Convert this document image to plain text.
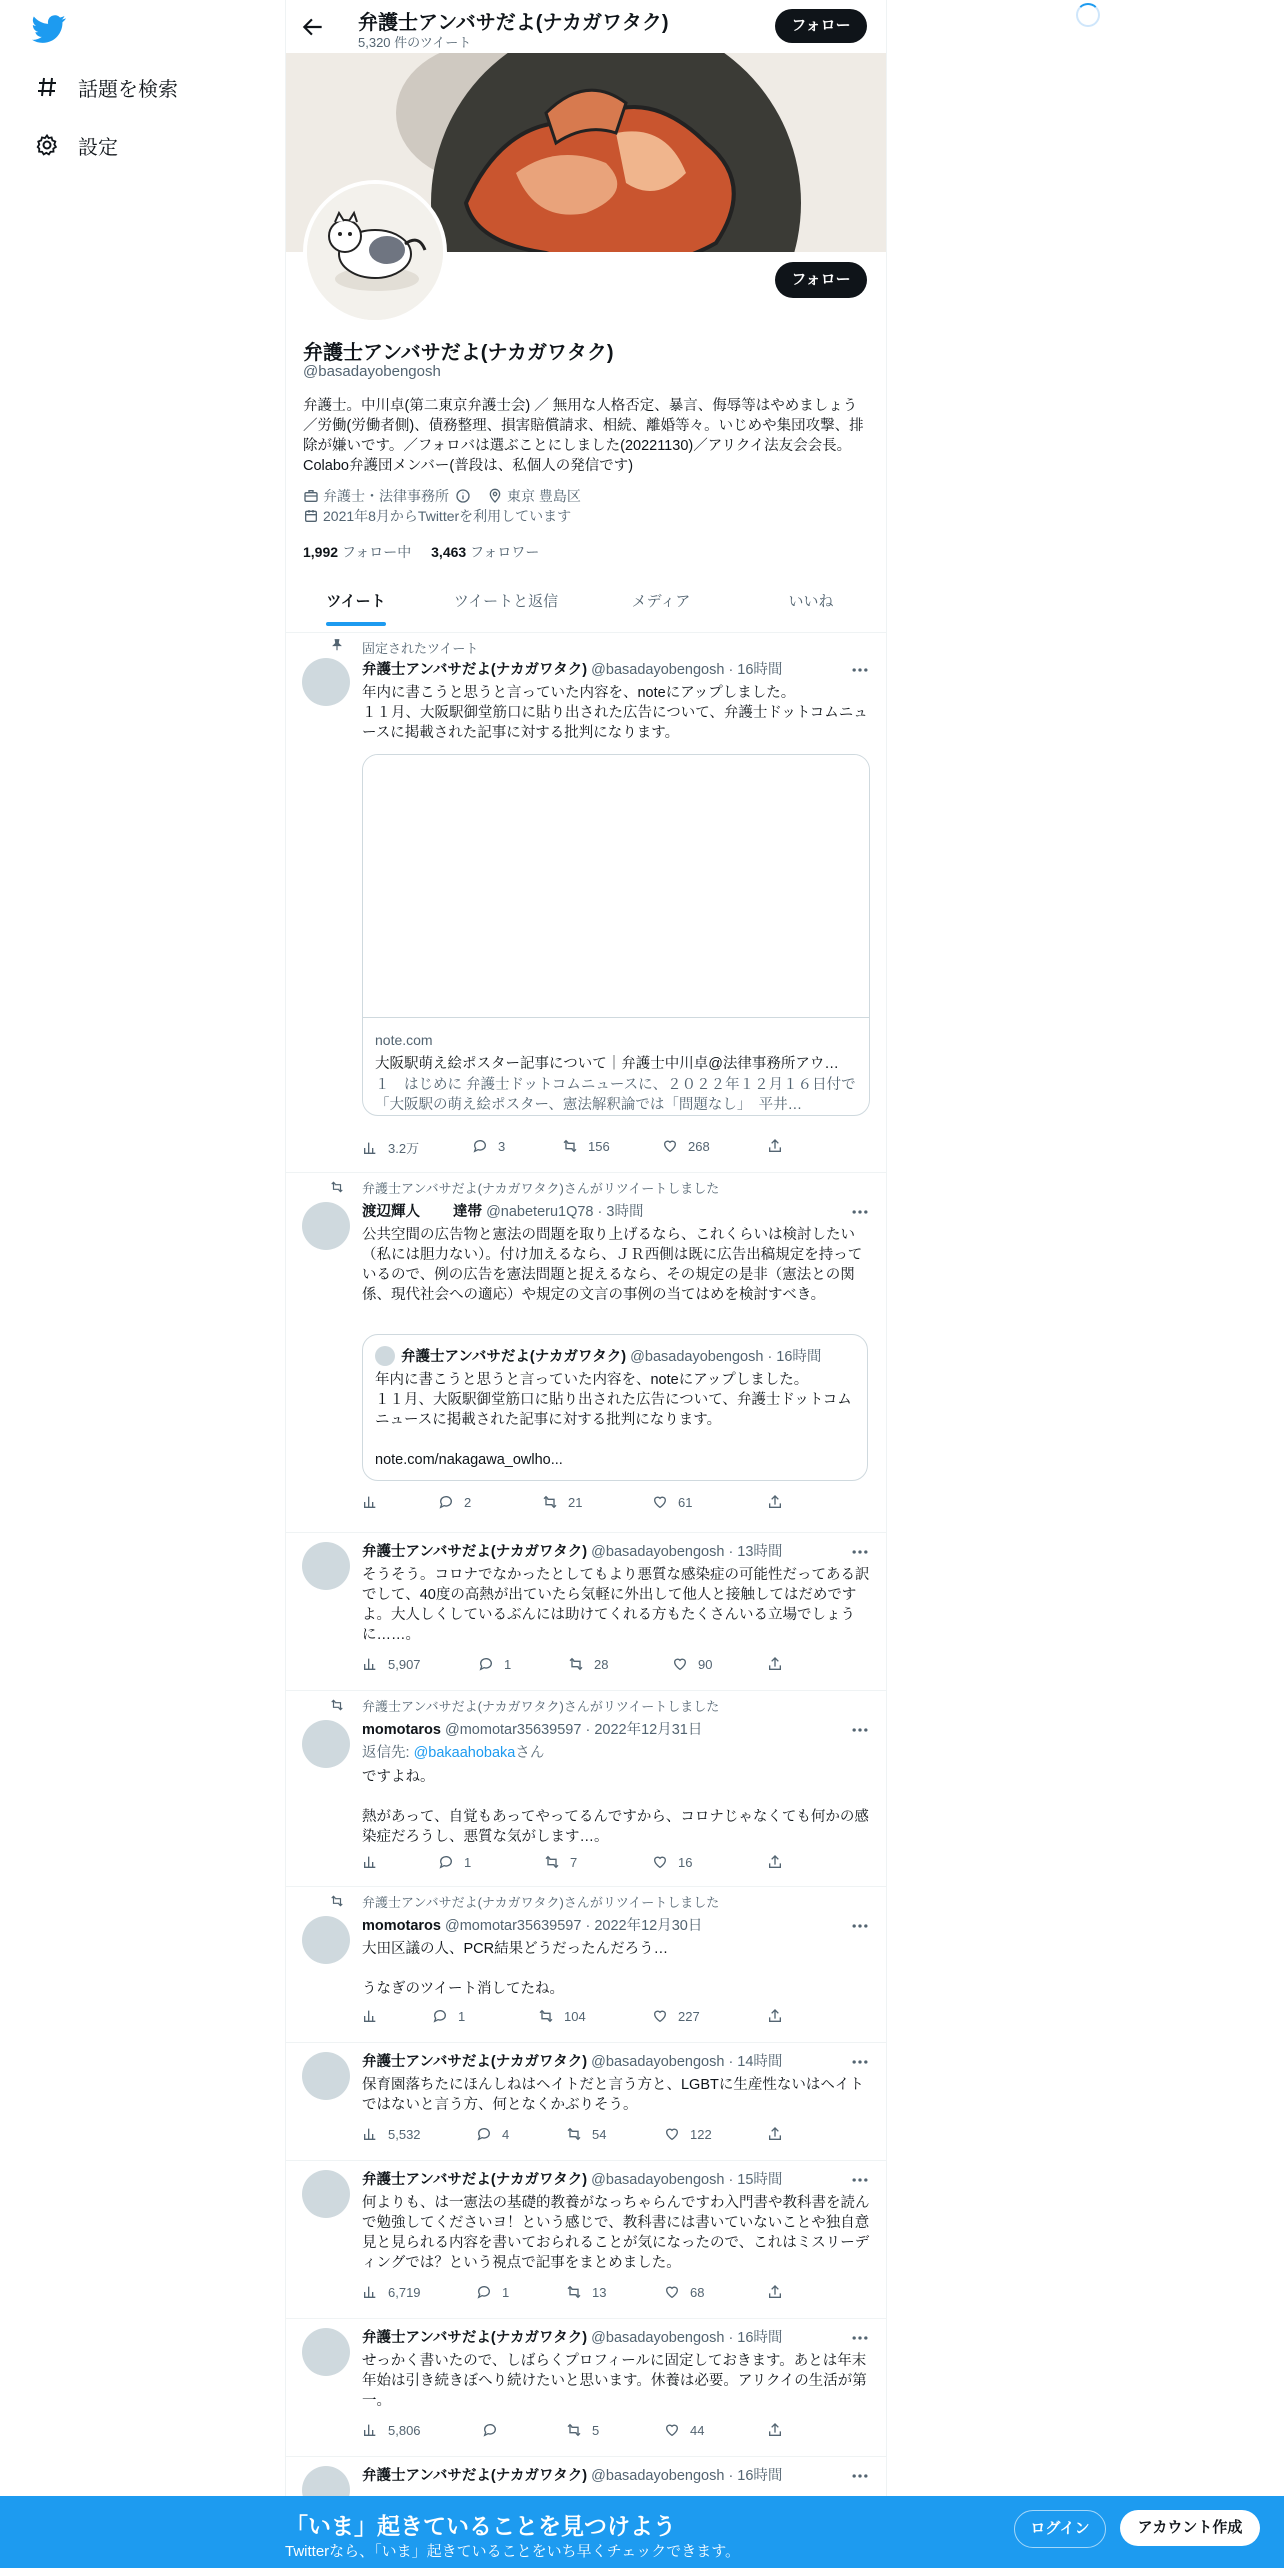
話題を検索
設定
弁護士アンバサだよ(ナカガワタク)
5,320 件のツイート
フォロー
フォロー
弁護士アンバサだよ(ナカガワタク)
@basadayobengosh
弁護士。中川卓(第二東京弁護士会) ／ 無用な人格否定、暴言、侮辱等はやめましょう／労働(労働者側)、債務整理、損害賠償請求、相続、離婚等々。いじめや集団攻撃、排除が嫌いです。／フォロバは選ぶことにしました(20221130)／アリクイ法友会会長。Colabo弁護団メンバー(普段は、私個人の発信です)
弁護士・法律事務所	東京 豊島区
2021年8月からTwitterを利用しています
1,992 フォロー中 3,463 フォロワー
ツイート	ツイートと返信	メディア	いいね
固定されたツイート
弁護士アンバサだよ(ナカガワタク) @basadayobengosh · 16時間
年内に書こうと思うと言っていた内容を、noteにアップしました。
１１月、大阪駅御堂筋口に貼り出された広告について、弁護士ドットコムニュースに掲載された記事に対する批判になります。
note.com
大阪駅萌え絵ポスター記事について｜弁護士中川卓@法律事務所アウ…
１　はじめに 弁護士ドットコムニュースに、２０２２年１２月１６日付で「大阪駅の萌え絵ポスター、憲法解釈論では「問題なし」　平井…
3.2万	3	156	268
弁護士アンバサだよ(ナカガワタク)さんがリツイートしました
渡辺輝人　　 達帯 @nabeteru1Q78 · 3時間
公共空間の広告物と憲法の問題を取り上げるなら、これくらいは検討したい（私には胆力ない）。付け加えるなら、ＪＲ西側は既に広告出稿規定を持っているので、例の広告を憲法問題と捉えるなら、その規定の是非（憲法との関係、現代社会への適応）や規定の文言の事例の当てはめを検討すべき。
弁護士アンバサだよ(ナカガワタク)
@basadayobengosh · 16時間
年内に書こうと思うと言っていた内容を、noteにアップしました。
１１月、大阪駅御堂筋口に貼り出された広告について、弁護士ドットコムニュースに掲載された記事に対する批判になります。

note.com/nakagawa_owlho...
2	21	61
弁護士アンバサだよ(ナカガワタク) @basadayobengosh · 13時間
そうそう。コロナでなかったとしてもより悪質な感染症の可能性だってある訳でして、40度の高熱が出ていたら気軽に外出して他人と接触してはだめですよ。大人しくしているぶんには助けてくれる方もたくさんいる立場でしょうに……。
5,907	1	28	90
弁護士アンバサだよ(ナカガワタク)さんがリツイートしました
momotaros @momotar35639597 · 2022年12月31日
返信先: @bakaahobakaさん
ですよね。

熱があって、自覚もあってやってるんですから、コロナじゃなくても何かの感染症だろうし、悪質な気がします…。
1	7	16
弁護士アンバサだよ(ナカガワタク)さんがリツイートしました
momotaros @momotar35639597 · 2022年12月30日
大田区議の人、PCR結果どうだったんだろう…

うなぎのツイート消してたね。
1	104	227
弁護士アンバサだよ(ナカガワタク) @basadayobengosh · 14時間
保育園落ちたにほんしねはヘイトだと言う方と、LGBTに生産性ないはヘイトではないと言う方、何となくかぶりそう。
5,532	4	54	122
弁護士アンバサだよ(ナカガワタク) @basadayobengosh · 15時間
何よりも、は一憲法の基礎的教養がなっちゃらんですわ入門書や教科書を読んで勉強してくださいヨ！という感じで、教科書には書いていないことや独自意見と見られる内容を書いておられることが気になったので、これはミスリーディングでは？という視点で記事をまとめました。
6,719	1	13	68
弁護士アンバサだよ(ナカガワタク) @basadayobengosh · 16時間
せっかく書いたので、しばらくプロフィールに固定しておきます。あとは年末年始は引き続きぼへり続けたいと思います。休養は必要。アリクイの生活が第一。
5,806	5	44
弁護士アンバサだよ(ナカガワタク) @basadayobengosh · 16時間
「いま」起きていることを見つけよう
Twitterなら、「いま」起きていることをいち早くチェックできます。
ログイン	アカウント作成
